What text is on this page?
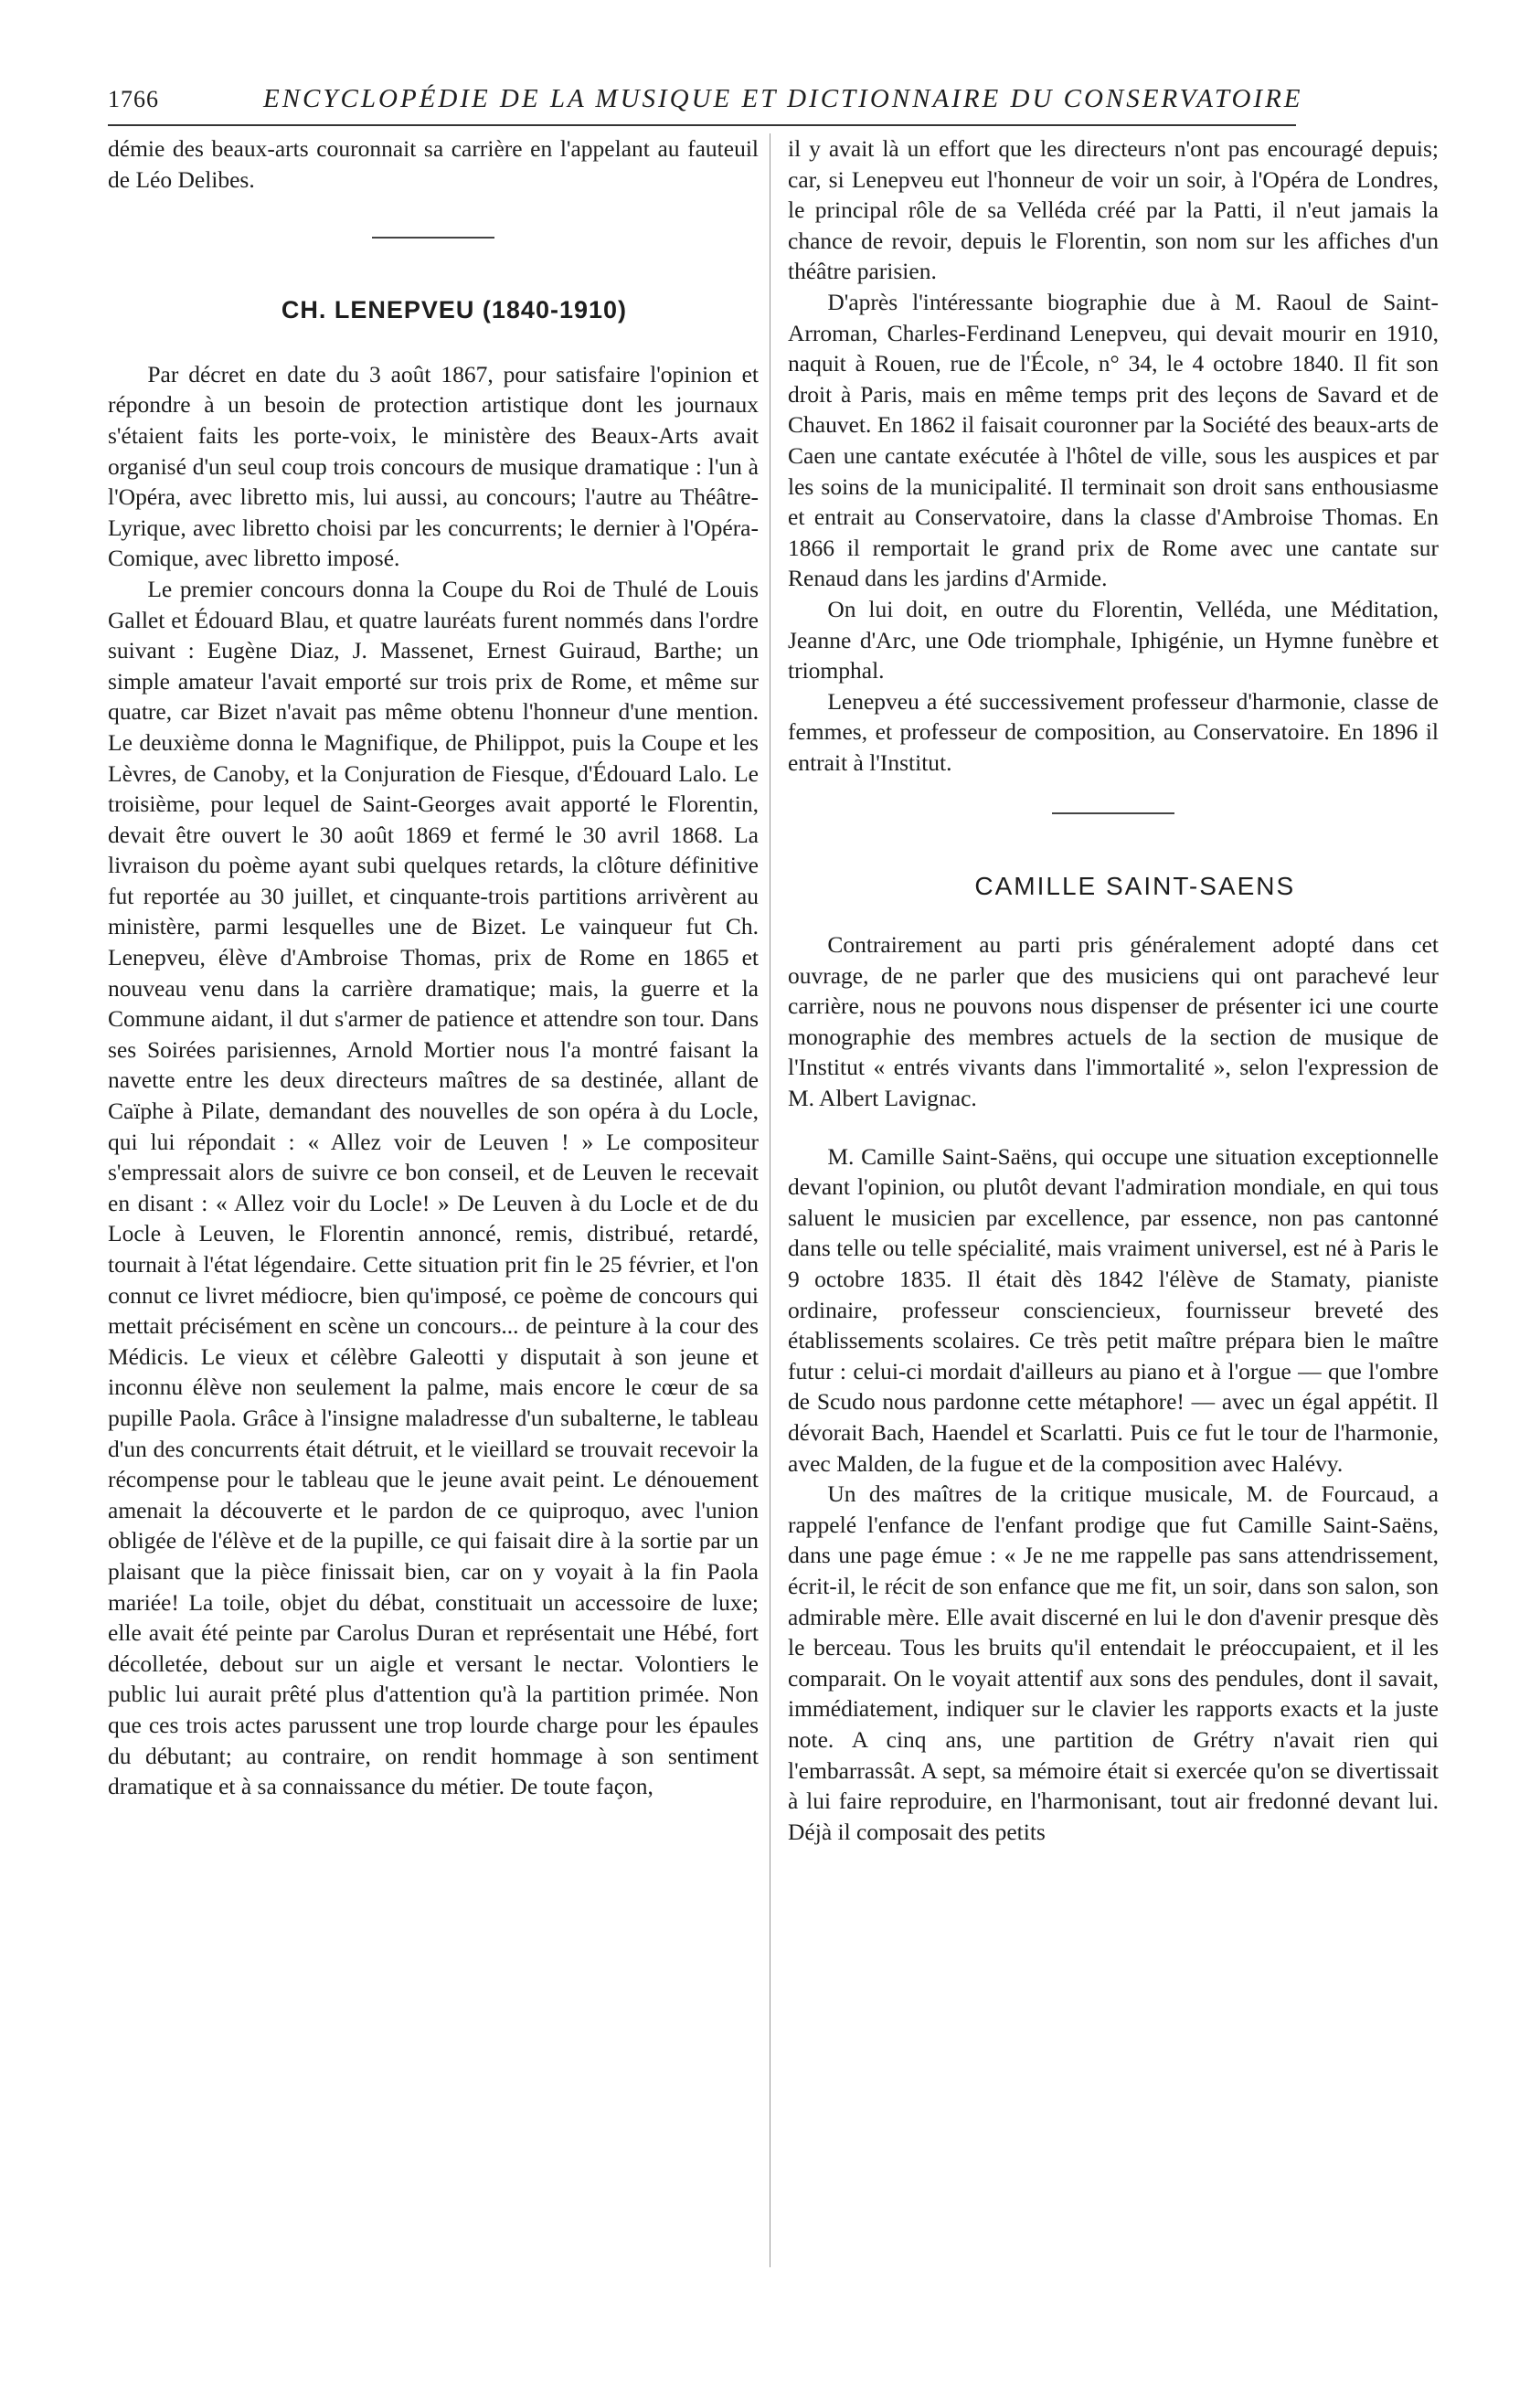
1766	ENCYCLOPÉDIE DE LA MUSIQUE ET DICTIONNAIRE DU CONSERVATOIRE

démie des beaux-arts couronnait sa carrière en l'appelant au fauteuil de Léo Delibes.

CH. LENEPVEU (1840-1910)

Par décret en date du 3 août 1867, pour satisfaire l'opinion et répondre à un besoin de protection artistique dont les journaux s'étaient faits les porte-voix, le ministère des Beaux-Arts avait organisé d'un seul coup trois concours de musique dramatique : l'un à l'Opéra, avec libretto mis, lui aussi, au concours; l'autre au Théâtre-Lyrique, avec libretto choisi par les concurrents; le dernier à l'Opéra-Comique, avec libretto imposé.

Le premier concours donna la Coupe du Roi de Thulé de Louis Gallet et Édouard Blau, et quatre lauréats furent nommés dans l'ordre suivant : Eugène Diaz, J. Massenet, Ernest Guiraud, Barthe; un simple amateur l'avait emporté sur trois prix de Rome, et même sur quatre, car Bizet n'avait pas même obtenu l'honneur d'une mention. Le deuxième donna le Magnifique, de Philippot, puis la Coupe et les Lèvres, de Canoby, et la Conjuration de Fiesque, d'Édouard Lalo. Le troisième, pour lequel de Saint-Georges avait apporté le Florentin, devait être ouvert le 30 août 1869 et fermé le 30 avril 1868. La livraison du poème ayant subi quelques retards, la clôture définitive fut reportée au 30 juillet, et cinquante-trois partitions arrivèrent au ministère, parmi lesquelles une de Bizet. Le vainqueur fut Ch. Lenepveu, élève d'Ambroise Thomas, prix de Rome en 1865 et nouveau venu dans la carrière dramatique; mais, la guerre et la Commune aidant, il dut s'armer de patience et attendre son tour. Dans ses Soirées parisiennes, Arnold Mortier nous l'a montré faisant la navette entre les deux directeurs maîtres de sa destinée, allant de Caïphe à Pilate, demandant des nouvelles de son opéra à du Locle, qui lui répondait : « Allez voir de Leuven ! » Le compositeur s'empressait alors de suivre ce bon conseil, et de Leuven le recevait en disant : « Allez voir du Locle! » De Leuven à du Locle et de du Locle à Leuven, le Florentin annoncé, remis, distribué, retardé, tournait à l'état légendaire. Cette situation prit fin le 25 février, et l'on connut ce livret médiocre, bien qu'imposé, ce poème de concours qui mettait précisément en scène un concours... de peinture à la cour des Médicis. Le vieux et célèbre Galeotti y disputait à son jeune et inconnu élève non seulement la palme, mais encore le cœur de sa pupille Paola. Grâce à l'insigne maladresse d'un subalterne, le tableau d'un des concurrents était détruit, et le vieillard se trouvait recevoir la récompense pour le tableau que le jeune avait peint. Le dénouement amenait la découverte et le pardon de ce quiproquo, avec l'union obligée de l'élève et de la pupille, ce qui faisait dire à la sortie par un plaisant que la pièce finissait bien, car on y voyait à la fin Paola mariée! La toile, objet du débat, constituait un accessoire de luxe; elle avait été peinte par Carolus Duran et représentait une Hébé, fort décolletée, debout sur un aigle et versant le nectar. Volontiers le public lui aurait prêté plus d'attention qu'à la partition primée. Non que ces trois actes parussent une trop lourde charge pour les épaules du débutant; au contraire, on rendit hommage à son sentiment dramatique et à sa connaissance du métier. De toute façon,

il y avait là un effort que les directeurs n'ont pas encouragé depuis; car, si Lenepveu eut l'honneur de voir un soir, à l'Opéra de Londres, le principal rôle de sa Velléda créé par la Patti, il n'eut jamais la chance de revoir, depuis le Florentin, son nom sur les affiches d'un théâtre parisien.

D'après l'intéressante biographie due à M. Raoul de Saint-Arroman, Charles-Ferdinand Lenepveu, qui devait mourir en 1910, naquit à Rouen, rue de l'École, n° 34, le 4 octobre 1840. Il fit son droit à Paris, mais en même temps prit des leçons de Savard et de Chauvet. En 1862 il faisait couronner par la Société des beaux-arts de Caen une cantate exécutée à l'hôtel de ville, sous les auspices et par les soins de la municipalité. Il terminait son droit sans enthousiasme et entrait au Conservatoire, dans la classe d'Ambroise Thomas. En 1866 il remportait le grand prix de Rome avec une cantate sur Renaud dans les jardins d'Armide.

On lui doit, en outre du Florentin, Velléda, une Méditation, Jeanne d'Arc, une Ode triomphale, Iphigénie, un Hymne funèbre et triomphal.

Lenepveu a été successivement professeur d'harmonie, classe de femmes, et professeur de composition, au Conservatoire. En 1896 il entrait à l'Institut.

CAMILLE SAINT-SAENS

Contrairement au parti pris généralement adopté dans cet ouvrage, de ne parler que des musiciens qui ont parachevé leur carrière, nous ne pouvons nous dispenser de présenter ici une courte monographie des membres actuels de la section de musique de l'Institut « entrés vivants dans l'immortalité », selon l'expression de M. Albert Lavignac.

M. Camille Saint-Saëns, qui occupe une situation exceptionnelle devant l'opinion, ou plutôt devant l'admiration mondiale, en qui tous saluent le musicien par excellence, par essence, non pas cantonné dans telle ou telle spécialité, mais vraiment universel, est né à Paris le 9 octobre 1835. Il était dès 1842 l'élève de Stamaty, pianiste ordinaire, professeur consciencieux, fournisseur breveté des établissements scolaires. Ce très petit maître prépara bien le maître futur : celui-ci mordait d'ailleurs au piano et à l'orgue — que l'ombre de Scudo nous pardonne cette métaphore! — avec un égal appétit. Il dévorait Bach, Haendel et Scarlatti. Puis ce fut le tour de l'harmonie, avec Malden, de la fugue et de la composition avec Halévy.

Un des maîtres de la critique musicale, M. de Fourcaud, a rappelé l'enfance de l'enfant prodige que fut Camille Saint-Saëns, dans une page émue : « Je ne me rappelle pas sans attendrissement, écrit-il, le récit de son enfance que me fit, un soir, dans son salon, son admirable mère. Elle avait discerné en lui le don d'avenir presque dès le berceau. Tous les bruits qu'il entendait le préoccupaient, et il les comparait. On le voyait attentif aux sons des pendules, dont il savait, immédiatement, indiquer sur le clavier les rapports exacts et la juste note. A cinq ans, une partition de Grétry n'avait rien qui l'embarrassât. A sept, sa mémoire était si exercée qu'on se divertissait à lui faire reproduire, en l'harmonisant, tout air fredonné devant lui. Déjà il composait des petits
